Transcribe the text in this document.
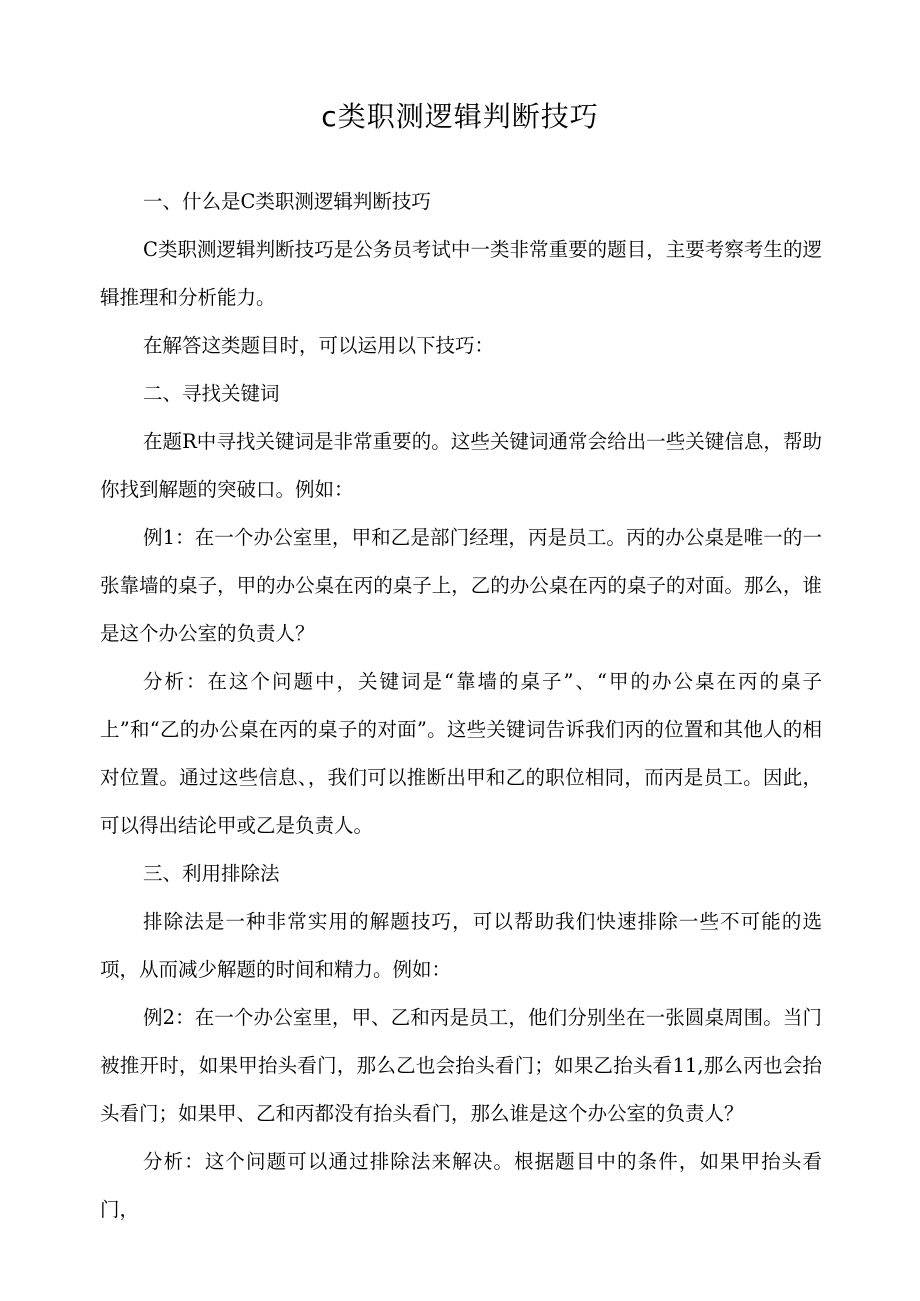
c类职测逻辑判断技巧

一、什么是C类职测逻辑判断技巧

C类职测逻辑判断技巧是公务员考试中一类非常重要的题目，主要考察考生的逻辑推理和分析能力。

在解答这类题目时，可以运用以下技巧：

二、寻找关键词

在题R中寻找关键词是非常重要的。这些关键词通常会给出一些关键信息，帮助你找到解题的突破口。例如：

例1：在一个办公室里，甲和乙是部门经理，丙是员工。丙的办公桌是唯一的一张靠墙的桌子，甲的办公桌在丙的桌子上，乙的办公桌在丙的桌子的对面。那么，谁是这个办公室的负责人？

分析：在这个问题中，关键词是“靠墙的桌子”、“甲的办公桌在丙的桌子上”和“乙的办公桌在丙的桌子的对面”。这些关键词告诉我们丙的位置和其他人的相对位置。通过这些信息、，我们可以推断出甲和乙的职位相同，而丙是员工。因此，可以得出结论甲或乙是负责人。

三、利用排除法

排除法是一种非常实用的解题技巧，可以帮助我们快速排除一些不可能的选项，从而减少解题的时间和精力。例如：

例2：在一个办公室里，甲、乙和丙是员工，他们分别坐在一张圆桌周围。当门被推开时，如果甲抬头看门，那么乙也会抬头看门；如果乙抬头看11,那么丙也会抬头看门；如果甲、乙和丙都没有抬头看门，那么谁是这个办公室的负责人？

分析：这个问题可以通过排除法来解决。根据题目中的条件，如果甲抬头看门，
